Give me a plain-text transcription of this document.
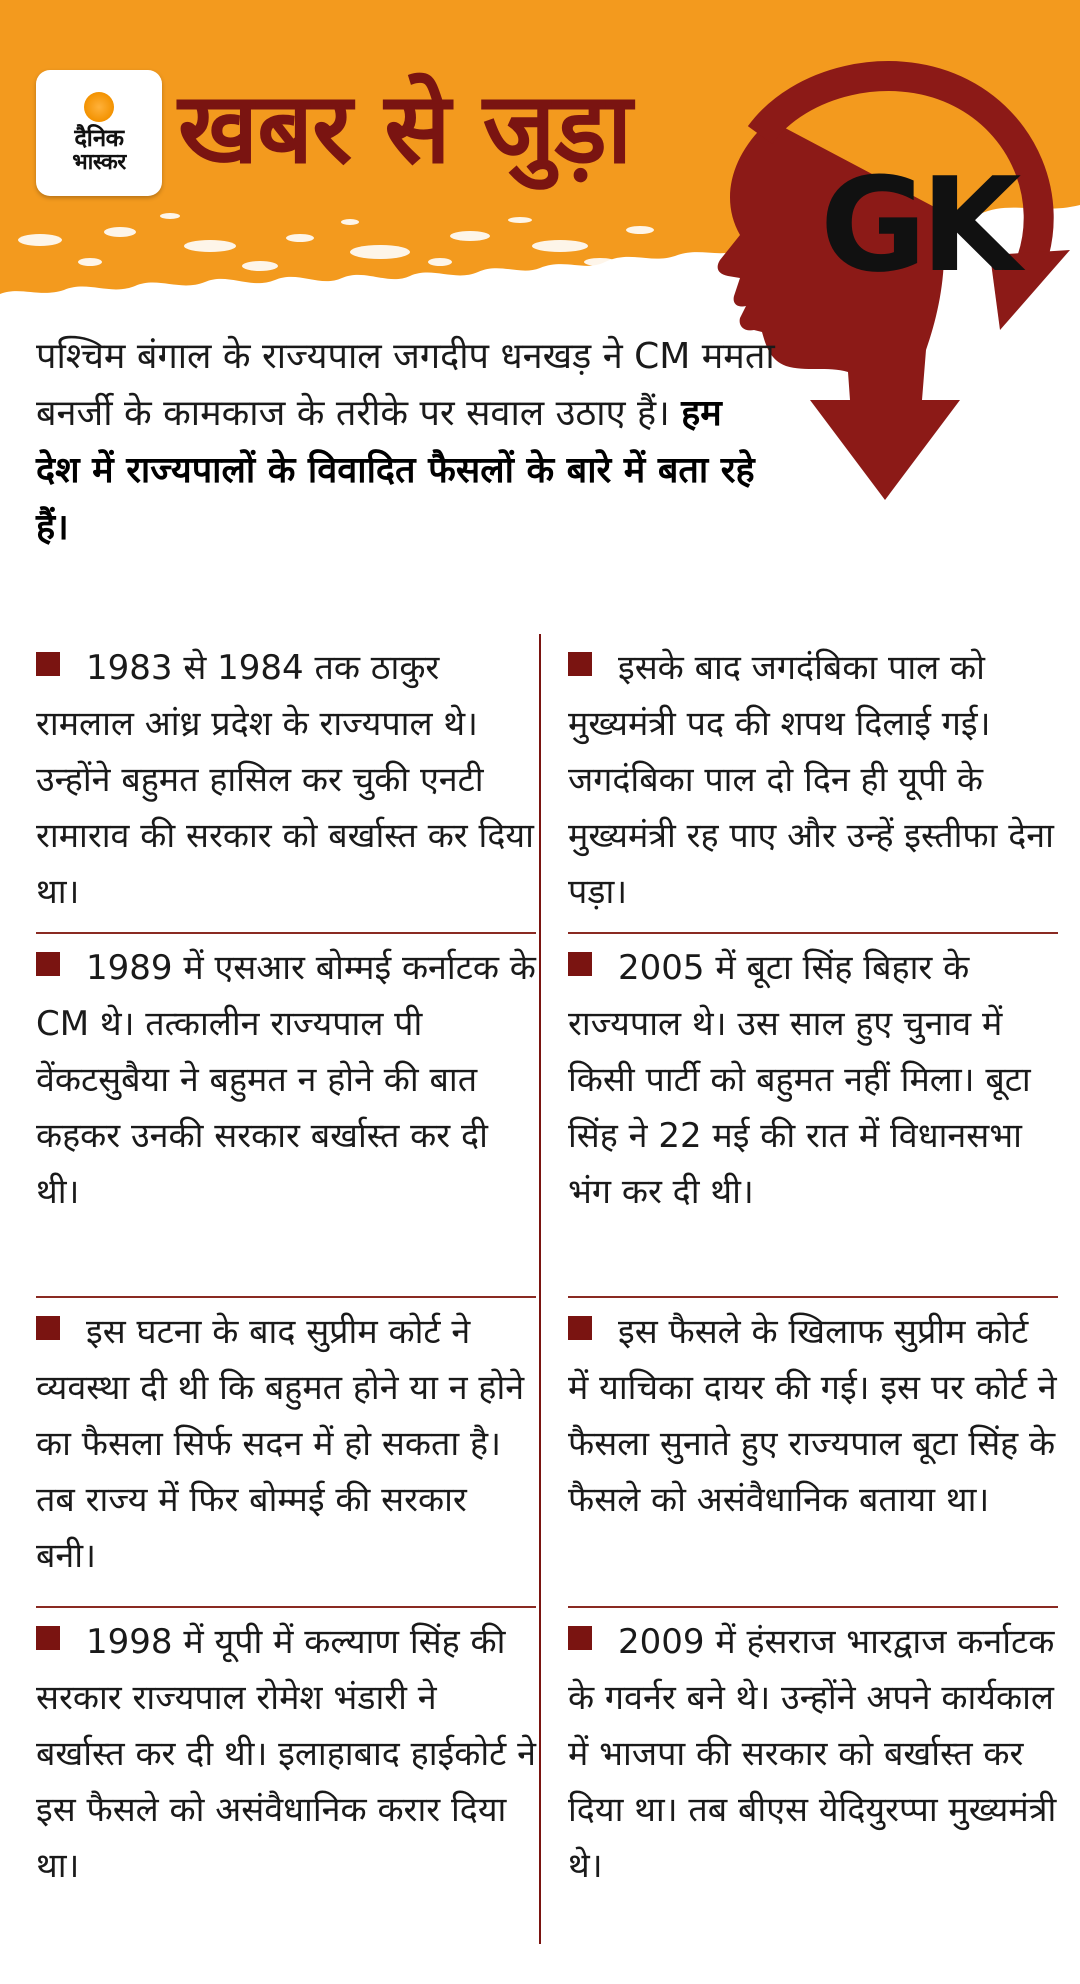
दैनिक
भास्कर खबर से जुड़ा
GK
पश्चिम बंगाल के राज्यपाल जगदीप धनखड़ ने CM ममता बनर्जी के कामकाज के तरीके पर सवाल उठाए हैं। हम देश में राज्यपालों के विवादित फैसलों के बारे में बता रहे हैं।
1983 से 1984 तक ठाकुर रामलाल आंध्र प्रदेश के राज्यपाल थे। उन्होंने बहुमत हासिल कर चुकी एनटी रामाराव की सरकार को बर्खास्त कर दिया था।
1989 में एसआर बोम्मई कर्नाटक के CM थे। तत्कालीन राज्यपाल पी वेंकटसुबैया ने बहुमत न होने की बात कहकर उनकी सरकार बर्खास्त कर दी थी।
इस घटना के बाद सुप्रीम कोर्ट ने व्यवस्था दी थी कि बहुमत होने या न होने का फैसला सिर्फ सदन में हो सकता है। तब राज्य में फिर बोम्मई की सरकार बनी।
1998 में यूपी में कल्याण सिंह की सरकार राज्यपाल रोमेश भंडारी ने बर्खास्त कर दी थी। इलाहाबाद हाईकोर्ट ने इस फैसले को असंवैधानिक करार दिया था।
इसके बाद जगदंबिका पाल को मुख्यमंत्री पद की शपथ दिलाई गई। जगदंबिका पाल दो दिन ही यूपी के मुख्यमंत्री रह पाए और उन्हें इस्तीफा देना पड़ा।
2005 में बूटा सिंह बिहार के राज्यपाल थे। उस साल हुए चुनाव में किसी पार्टी को बहुमत नहीं मिला। बूटा सिंह ने 22 मई की रात में विधानसभा भंग कर दी थी।
इस फैसले के खिलाफ सुप्रीम कोर्ट में याचिका दायर की गई। इस पर कोर्ट ने फैसला सुनाते हुए राज्यपाल बूटा सिंह के फैसले को असंवैधानिक बताया था।
2009 में हंसराज भारद्वाज कर्नाटक के गवर्नर बने थे। उन्होंने अपने कार्यकाल में भाजपा की सरकार को बर्खास्त कर दिया था। तब बीएस येदियुरप्पा मुख्यमंत्री थे।
